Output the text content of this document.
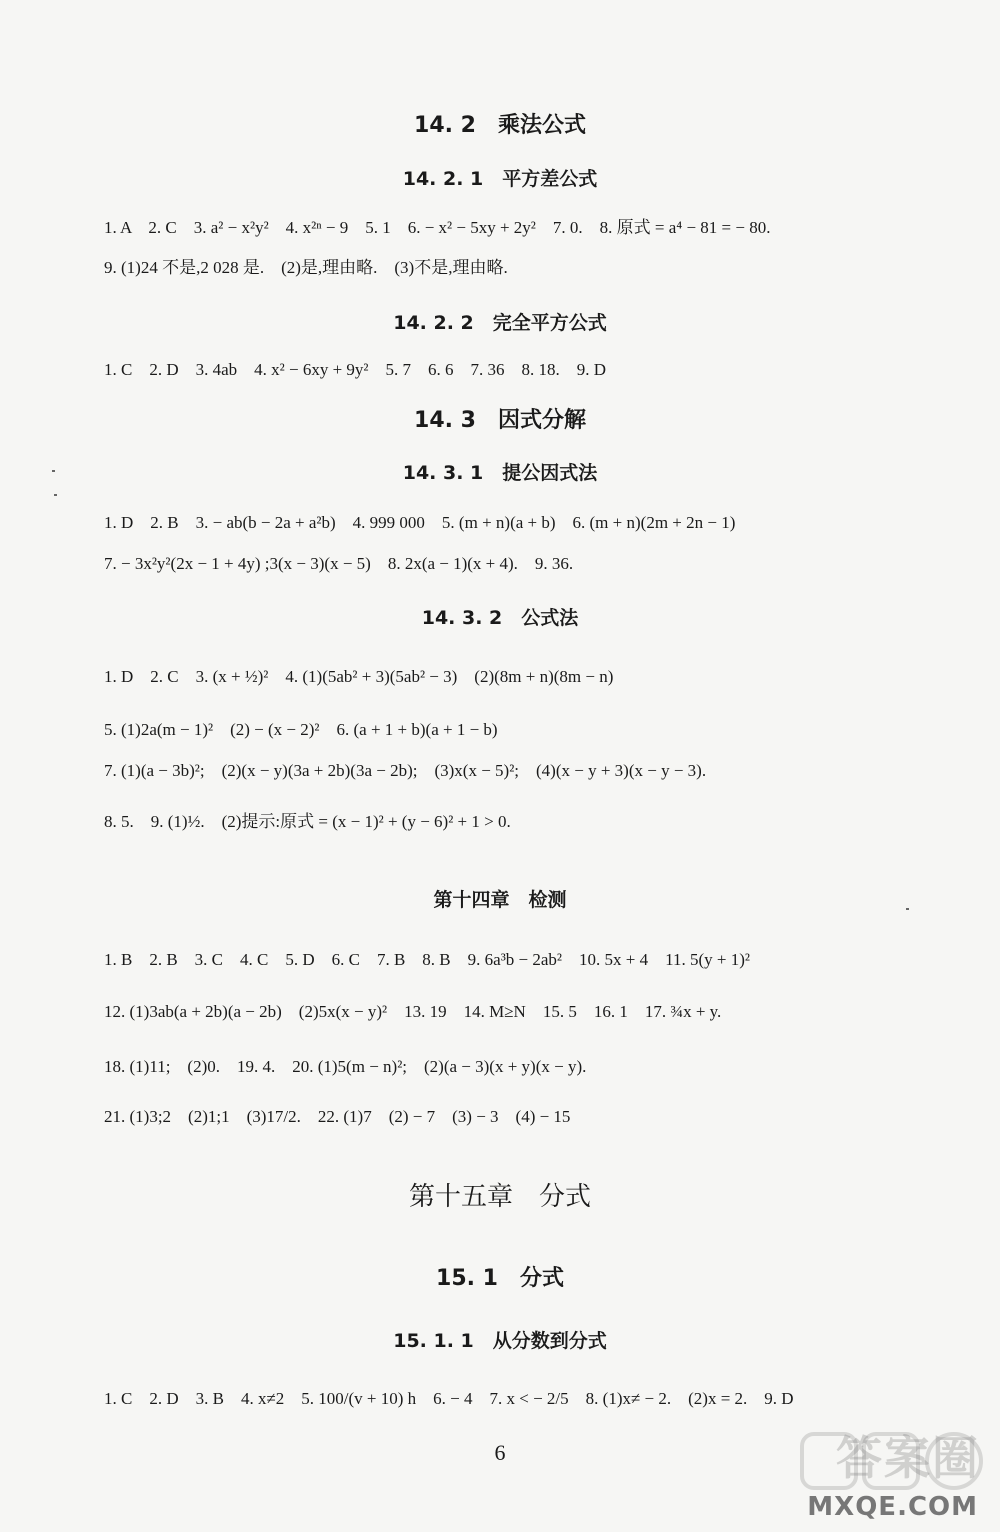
14. 2　乘法公式
14. 2. 1　平方差公式
1. A　2. C　3. a² − x²y²　4. x²ⁿ − 9　5. 1　6. − x² − 5xy + 2y²　7. 0.　8. 原式 = a⁴ − 81 = − 80.
9. (1)24 不是,2 028 是.　(2)是,理由略.　(3)不是,理由略.
14. 2. 2　完全平方公式
1. C　2. D　3. 4ab　4. x² − 6xy + 9y²　5. 7　6. 6　7. 36　8. 18.　9. D
14. 3　因式分解
14. 3. 1　提公因式法
1. D　2. B　3. − ab(b − 2a + a²b)　4. 999 000　5. (m + n)(a + b)　6. (m + n)(2m + 2n − 1)
7. − 3x²y²(2x − 1 + 4y) ;3(x − 3)(x − 5)　8. 2x(a − 1)(x + 4).　9. 36.
14. 3. 2　公式法
1. D　2. C　3. (x + ½)²　4. (1)(5ab² + 3)(5ab² − 3)　(2)(8m + n)(8m − n)
5. (1)2a(m − 1)²　(2) − (x − 2)²　6. (a + 1 + b)(a + 1 − b)
7. (1)(a − 3b)²;　(2)(x − y)(3a + 2b)(3a − 2b);　(3)x(x − 5)²;　(4)(x − y + 3)(x − y − 3).
8. 5.　9. (1)½.　(2)提示:原式 = (x − 1)² + (y − 6)² + 1 > 0.
第十四章　检测
1. B　2. B　3. C　4. C　5. D　6. C　7. B　8. B　9. 6a³b − 2ab²　10. 5x + 4　11. 5(y + 1)²
12. (1)3ab(a + 2b)(a − 2b)　(2)5x(x − y)²　13. 19　14. M≥N　15. 5　16. 1　17. ¾x + y.
18. (1)11;　(2)0.　19. 4.　20. (1)5(m − n)²;　(2)(a − 3)(x + y)(x − y).
21. (1)3;2　(2)1;1　(3)17/2.　22. (1)7　(2) − 7　(3) − 3　(4) − 15
第十五章　分式
15. 1　分式
15. 1. 1　从分数到分式
1. C　2. D　3. B　4. x≠2　5. 100/(v + 10) h　6. − 4　7. x < − 2/5　8. (1)x≠ − 2.　(2)x = 2.　9. D
6	答案圈
MXQE.COM
